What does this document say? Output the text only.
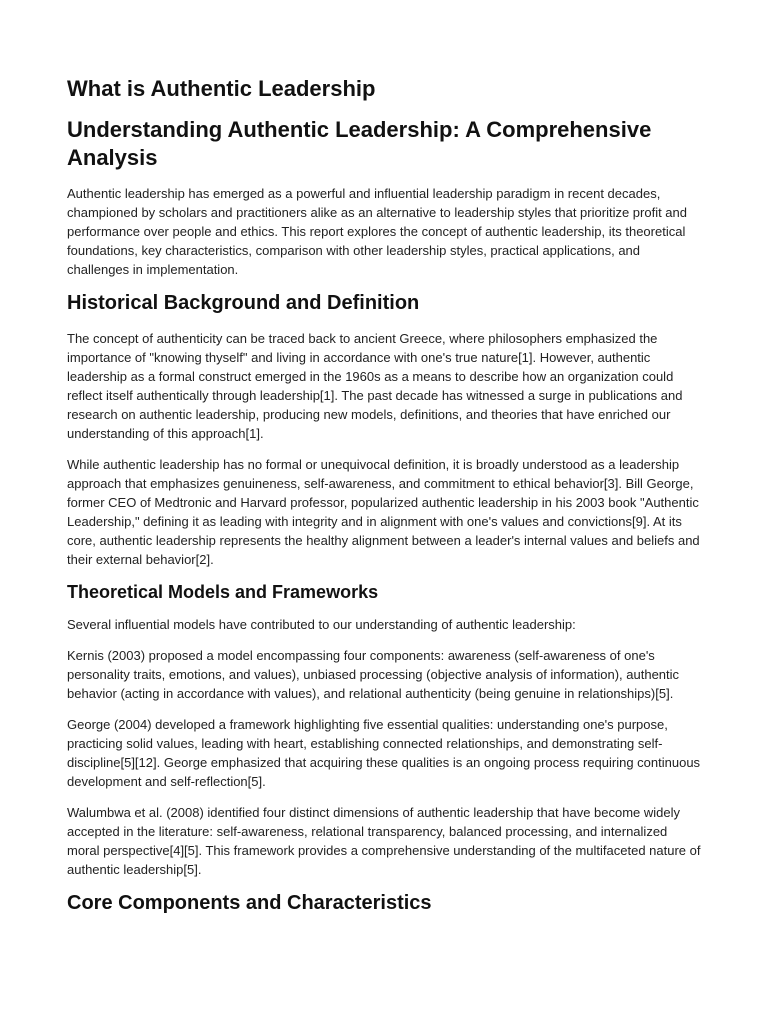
What is Authentic Leadership
Understanding Authentic Leadership: A Comprehensive Analysis

Authentic leadership has emerged as a powerful and influential leadership paradigm in recent decades, championed by scholars and practitioners alike as an alternative to leadership styles that prioritize profit and performance over people and ethics. This report explores the concept of authentic leadership, its theoretical foundations, key characteristics, comparison with other leadership styles, practical applications, and challenges in implementation.

Historical Background and Definition

The concept of authenticity can be traced back to ancient Greece, where philosophers emphasized the importance of "knowing thyself" and living in accordance with one's true nature[1]. However, authentic leadership as a formal construct emerged in the 1960s as a means to describe how an organization could reflect itself authentically through leadership[1]. The past decade has witnessed a surge in publications and research on authentic leadership, producing new models, definitions, and theories that have enriched our understanding of this approach[1].

While authentic leadership has no formal or unequivocal definition, it is broadly understood as a leadership approach that emphasizes genuineness, self-awareness, and commitment to ethical behavior[3]. Bill George, former CEO of Medtronic and Harvard professor, popularized authentic leadership in his 2003 book "Authentic Leadership," defining it as leading with integrity and in alignment with one's values and convictions[9]. At its core, authentic leadership represents the healthy alignment between a leader's internal values and beliefs and their external behavior[2].

Theoretical Models and Frameworks

Several influential models have contributed to our understanding of authentic leadership:

Kernis (2003) proposed a model encompassing four components: awareness (self-awareness of one's personality traits, emotions, and values), unbiased processing (objective analysis of information), authentic behavior (acting in accordance with values), and relational authenticity (being genuine in relationships)[5].

George (2004) developed a framework highlighting five essential qualities: understanding one's purpose, practicing solid values, leading with heart, establishing connected relationships, and demonstrating self-discipline[5][12]. George emphasized that acquiring these qualities is an ongoing process requiring continuous development and self-reflection[5].

Walumbwa et al. (2008) identified four distinct dimensions of authentic leadership that have become widely accepted in the literature: self-awareness, relational transparency, balanced processing, and internalized moral perspective[4][5]. This framework provides a comprehensive understanding of the multifaceted nature of authentic leadership[5].

Core Components and Characteristics
